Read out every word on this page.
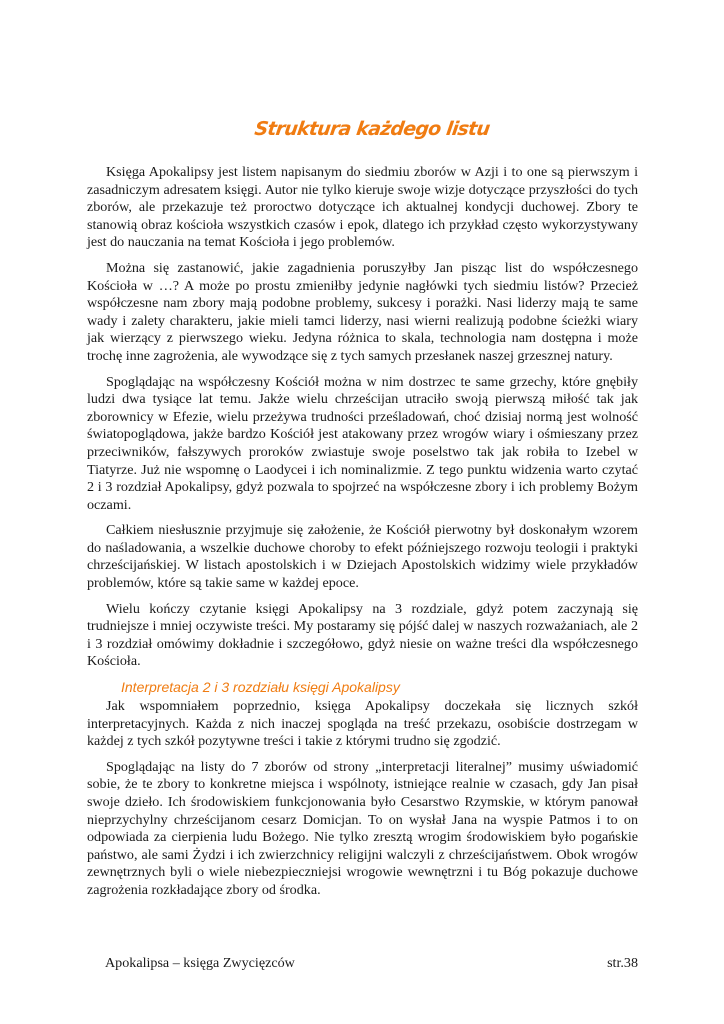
Struktura każdego listu

Księga Apokalipsy jest listem napisanym do siedmiu zborów w Azji i to one są pierwszym i zasadniczym adresatem księgi. Autor nie tylko kieruje swoje wizje dotyczące przyszłości do tych zborów, ale przekazuje też proroctwo dotyczące ich aktualnej kondycji duchowej. Zbory te stanowią obraz kościoła wszystkich czasów i epok, dlatego ich przykład często wykorzystywany jest do nauczania na temat Kościoła i jego problemów.

Można się zastanowić, jakie zagadnienia poruszyłby Jan pisząc list do współczesnego Kościoła w …? A może po prostu zmieniłby jedynie nagłówki tych siedmiu listów? Przecież współczesne nam zbory mają podobne problemy, sukcesy i porażki. Nasi liderzy mają te same wady i zalety charakteru, jakie mieli tamci liderzy, nasi wierni realizują podobne ścieżki wiary jak wierzący z pierwszego wieku. Jedyna różnica to skala, technologia nam dostępna i może trochę inne zagrożenia, ale wywodzące się z tych samych przesłanek naszej grzesznej natury.

Spoglądając na współczesny Kościół można w nim dostrzec te same grzechy, które gnębiły ludzi dwa tysiące lat temu. Jakże wielu chrześcijan utraciło swoją pierwszą miłość tak jak zborownicy w Efezie, wielu przeżywa trudności prześladowań, choć dzisiaj normą jest wolność światopoglądowa, jakże bardzo Kościół jest atakowany przez wrogów wiary i ośmieszany przez przeciwników, fałszywych proroków zwiastuje swoje poselstwo tak jak robiła to Izebel w Tiatyrze. Już nie wspomnę o Laodycei i ich nominalizmie. Z tego punktu widzenia warto czytać 2 i 3 rozdział Apokalipsy, gdyż pozwala to spojrzeć na współczesne zbory i ich problemy Bożym oczami.

Całkiem niesłusznie przyjmuje się założenie, że Kościół pierwotny był doskonałym wzorem do naśladowania, a wszelkie duchowe choroby to efekt późniejszego rozwoju teologii i praktyki chrześcijańskiej. W listach apostolskich i w Dziejach Apostolskich widzimy wiele przykładów problemów, które są takie same w każdej epoce.

Wielu kończy czytanie księgi Apokalipsy na 3 rozdziale, gdyż potem zaczynają się trudniejsze i mniej oczywiste treści. My postaramy się pójść dalej w naszych rozważaniach, ale 2 i 3 rozdział omówimy dokładnie i szczegółowo, gdyż niesie on ważne treści dla współczesnego Kościoła.

Interpretacja 2 i 3 rozdziału księgi Apokalipsy

Jak wspomniałem poprzednio, księga Apokalipsy doczekała się licznych szkół interpretacyjnych. Każda z nich inaczej spogląda na treść przekazu, osobiście dostrzegam w każdej z tych szkół pozytywne treści i takie z którymi trudno się zgodzić.

Spoglądając na listy do 7 zborów od strony „interpretacji literalnej” musimy uświadomić sobie, że te zbory to konkretne miejsca i wspólnoty, istniejące realnie w czasach, gdy Jan pisał swoje dzieło. Ich środowiskiem funkcjonowania było Cesarstwo Rzymskie, w którym panował nieprzychylny chrześcijanom cesarz Domicjan. To on wysłał Jana na wyspie Patmos i to on odpowiada za cierpienia ludu Bożego. Nie tylko zresztą wrogim środowiskiem było pogańskie państwo, ale sami Żydzi i ich zwierzchnicy religijni walczyli z chrześcijaństwem. Obok wrogów zewnętrznych byli o wiele niebezpieczniejsi wrogowie wewnętrzni i tu Bóg pokazuje duchowe zagrożenia rozkładające zbory od środka.

Apokalipsa – księga Zwycięzców	str.38
